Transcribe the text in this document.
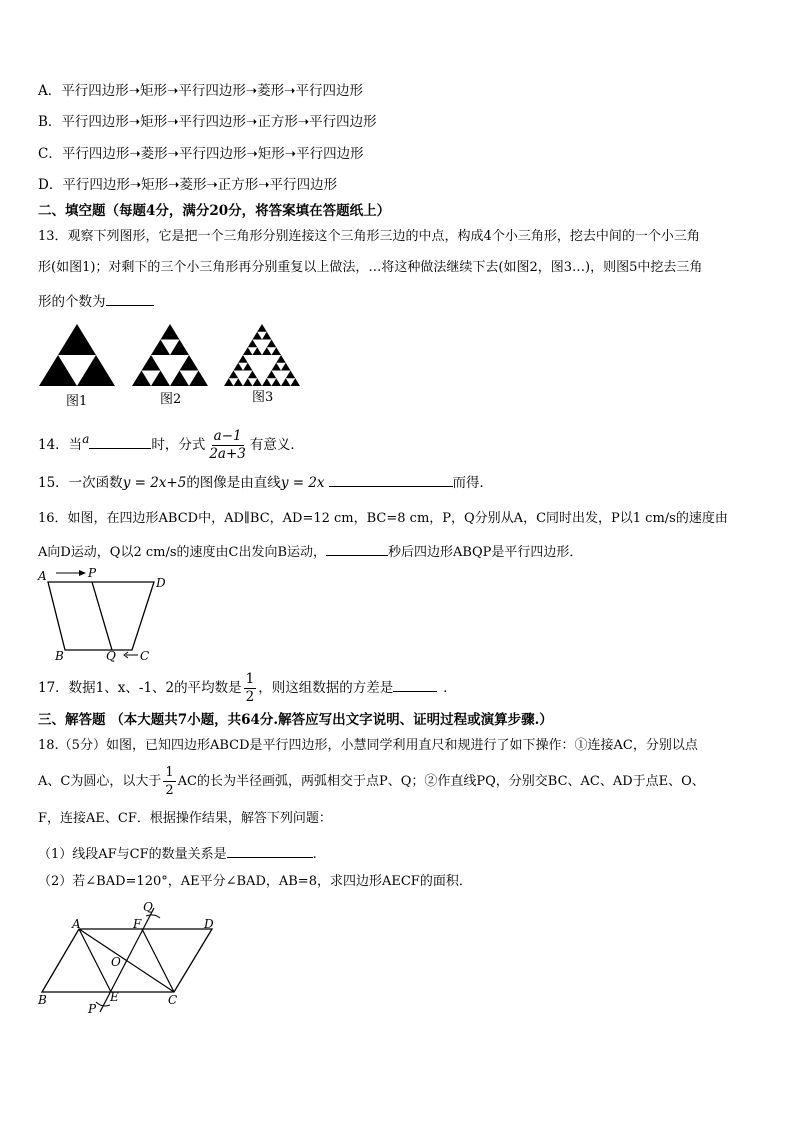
A．平行四边形➝矩形➝平行四边形➝菱形➝平行四边形
B．平行四边形➝矩形➝平行四边形➝正方形➝平行四边形
C．平行四边形➝菱形➝平行四边形➝矩形➝平行四边形
D．平行四边形➝矩形➝菱形➝正方形➝平行四边形
二、填空题（每题4分，满分20分，将答案填在答题纸上）
13．观察下列图形，它是把一个三角形分别连接这个三角形三边的中点，构成4个小三角形，挖去中间的一个小三角
形(如图1)；对剩下的三个小三角形再分别重复以上做法，…将这种做法继续下去(如图2，图3…)，则图5中挖去三角
形的个数为
图1	图2	图3
14．当a	时，分式 $\frac{a-1}{2a+3}$ 有意义．
15．一次函数y = 2x+5的图像是由直线y = 2x	而得．
16．如图，在四边形ABCD中，AD∥BC，AD=12 cm，BC=8 cm，P，Q分别从A，C同时出发，P以1 cm/s的速度由
A向D运动，Q以2 cm/s的速度由C出发向B运动，	秒后四边形ABQP是平行四边形．
A	P
D
B	Q C
17．数据1、x、-1、2的平均数是 $\frac{1}{2}$ ，则这组数据的方差是	．
三、解答题 （本大题共7小题，共64分.解答应写出文字说明、证明过程或演算步骤.）
18.（5分）如图，已知四边形ABCD是平行四边形，小慧同学利用直尺和规进行了如下操作：①连接AC，分别以点
A、C为圆心，以大于 $\frac{1}{2}$ AC的长为半径画弧，两弧相交于点P、Q；②作直线PQ，分别交BC、AC、AD于点E、O、
F，连接AE、CF．根据操作结果，解答下列问题：
（1）线段AF与CF的数量关系是	.
（2）若∠BAD=120°，AE平分∠BAD，AB=8，求四边形AECF的面积．
A	F
Q
D
O
B
P
E	C
